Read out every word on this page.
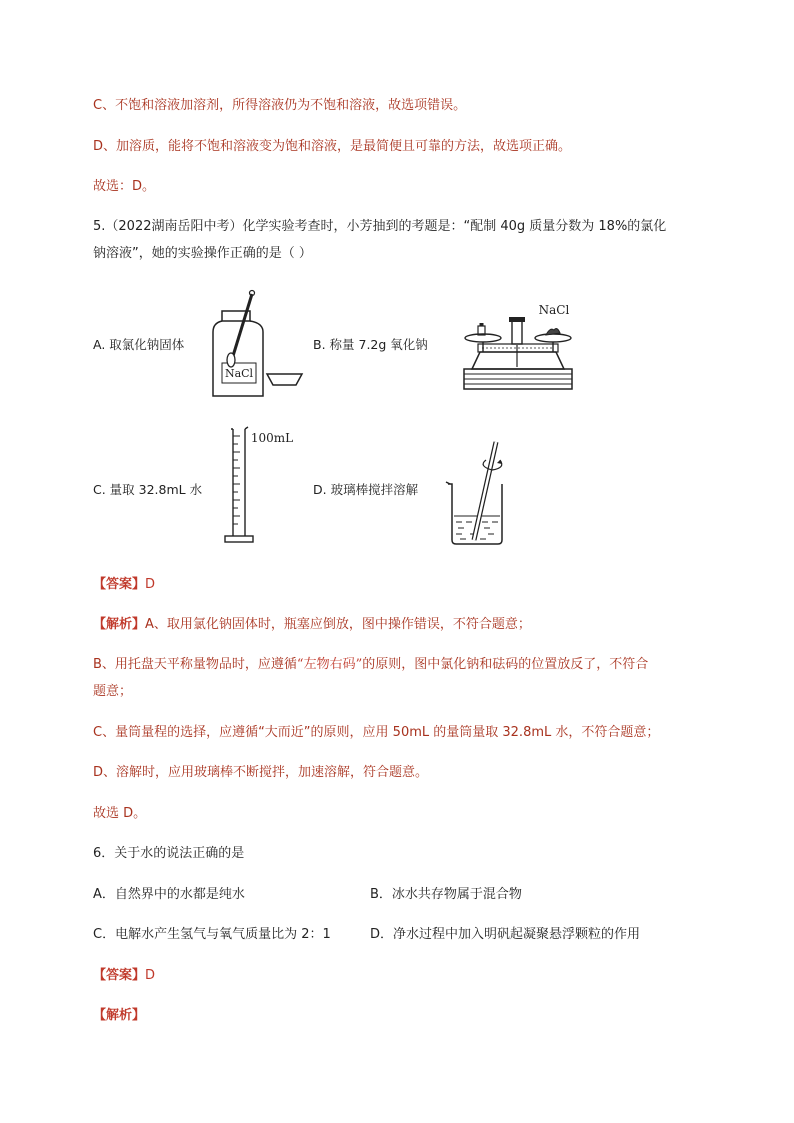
C、不饱和溶液加溶剂，所得溶液仍为不饱和溶液，故选项错误。
D、加溶质，能将不饱和溶液变为饱和溶液，是最简便且可靠的方法，故选项正确。
故选：D。
5.（2022湖南岳阳中考）化学实验考查时，小芳抽到的考题是：“配制 40g 质量分数为 18%的氯化
钠溶液”，她的实验操作正确的是（ ）
A. 取氯化钠固体
NaCl
B. 称量 7.2g 氧化钠
NaCl
C. 量取 32.8mL 水
100mL
D. 玻璃棒搅拌溶解
【答案】D
【解析】A、取用氯化钠固体时，瓶塞应倒放，图中操作错误，不符合题意；
B、用托盘天平称量物品时，应遵循“左物右码”的原则，图中氯化钠和砝码的位置放反了，不符合
题意；
C、量筒量程的选择，应遵循“大而近”的原则，应用 50mL 的量筒量取 32.8mL 水，不符合题意；
D、溶解时，应用玻璃棒不断搅拌，加速溶解，符合题意。
故选 D。
6．关于水的说法正确的是
A．自然界中的水都是纯水	B．冰水共存物属于混合物
C．电解水产生氢气与氧气质量比为 2：1	D．净水过程中加入明矾起凝聚悬浮颗粒的作用
【答案】D
【解析】
